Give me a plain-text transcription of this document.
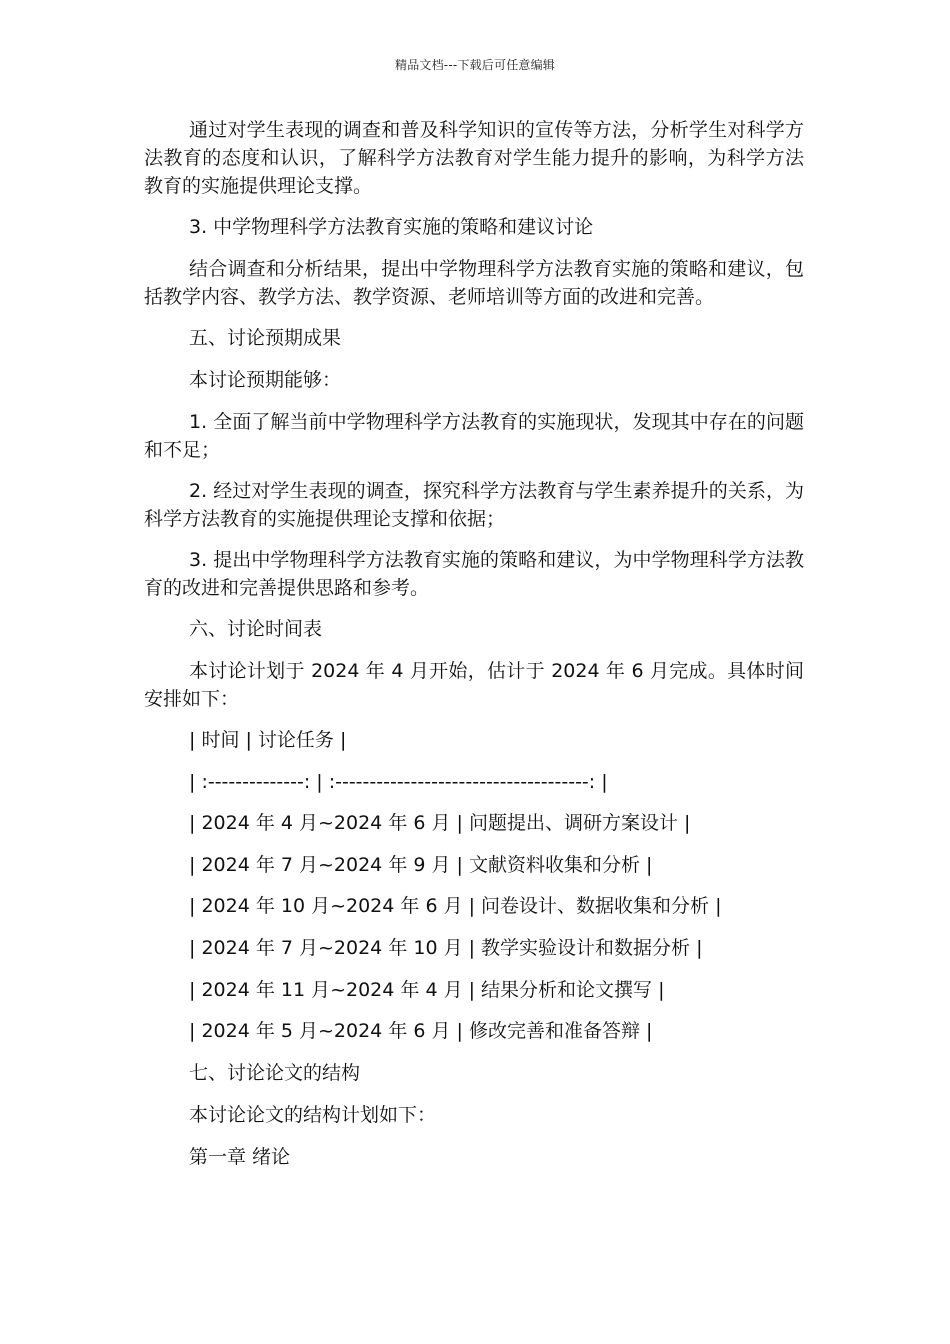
精品文档---下载后可任意编辑

通过对学生表现的调查和普及科学知识的宣传等方法，分析学生对科学方法教育的态度和认识，了解科学方法教育对学生能力提升的影响，为科学方法教育的实施提供理论支撑。

3. 中学物理科学方法教育实施的策略和建议讨论

结合调查和分析结果，提出中学物理科学方法教育实施的策略和建议，包括教学内容、教学方法、教学资源、老师培训等方面的改进和完善。

五、讨论预期成果

本讨论预期能够：

1. 全面了解当前中学物理科学方法教育的实施现状，发现其中存在的问题和不足；

2. 经过对学生表现的调查，探究科学方法教育与学生素养提升的关系，为科学方法教育的实施提供理论支撑和依据；

3. 提出中学物理科学方法教育实施的策略和建议，为中学物理科学方法教育的改进和完善提供思路和参考。

六、讨论时间表

本讨论计划于 2024 年 4 月开始，估计于 2024 年 6 月完成。具体时间安排如下：

| 时间 | 讨论任务 |

| :--------------: | :-------------------------------------: |

| 2024 年 4 月~2024 年 6 月 | 问题提出、调研方案设计 |

| 2024 年 7 月~2024 年 9 月 | 文献资料收集和分析 |

| 2024 年 10 月~2024 年 6 月 | 问卷设计、数据收集和分析 |

| 2024 年 7 月~2024 年 10 月 | 教学实验设计和数据分析 |

| 2024 年 11 月~2024 年 4 月 | 结果分析和论文撰写 |

| 2024 年 5 月~2024 年 6 月 | 修改完善和准备答辩 |

七、讨论论文的结构

本讨论论文的结构计划如下：

第一章 绪论
